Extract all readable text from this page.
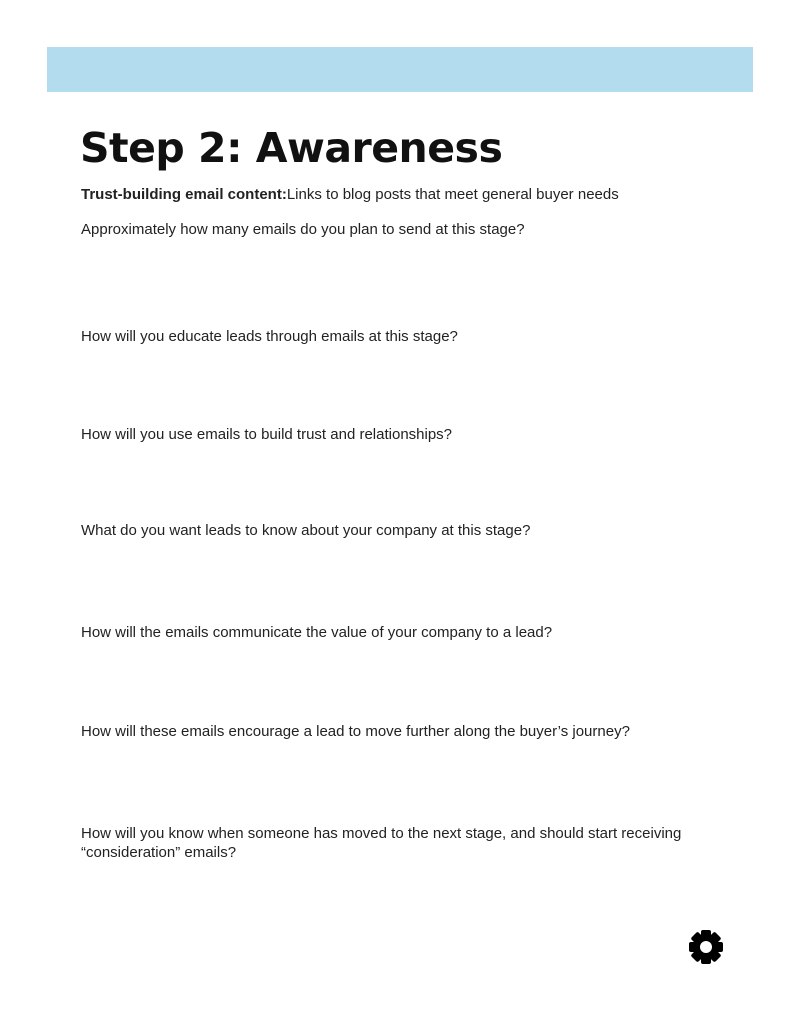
Step 2: Awareness
Trust-building email content:Links to blog posts that meet general buyer needs
Approximately how many emails do you plan to send at this stage?
How will you educate leads through emails at this stage?
How will you use emails to build trust and relationships?
What do you want leads to know about your company at this stage?
How will the emails communicate the value of your company to a lead?
How will these emails encourage a lead to move further along the buyer’s journey?
How will you know when someone has moved to the next stage, and should start receiving “consideration” emails?
